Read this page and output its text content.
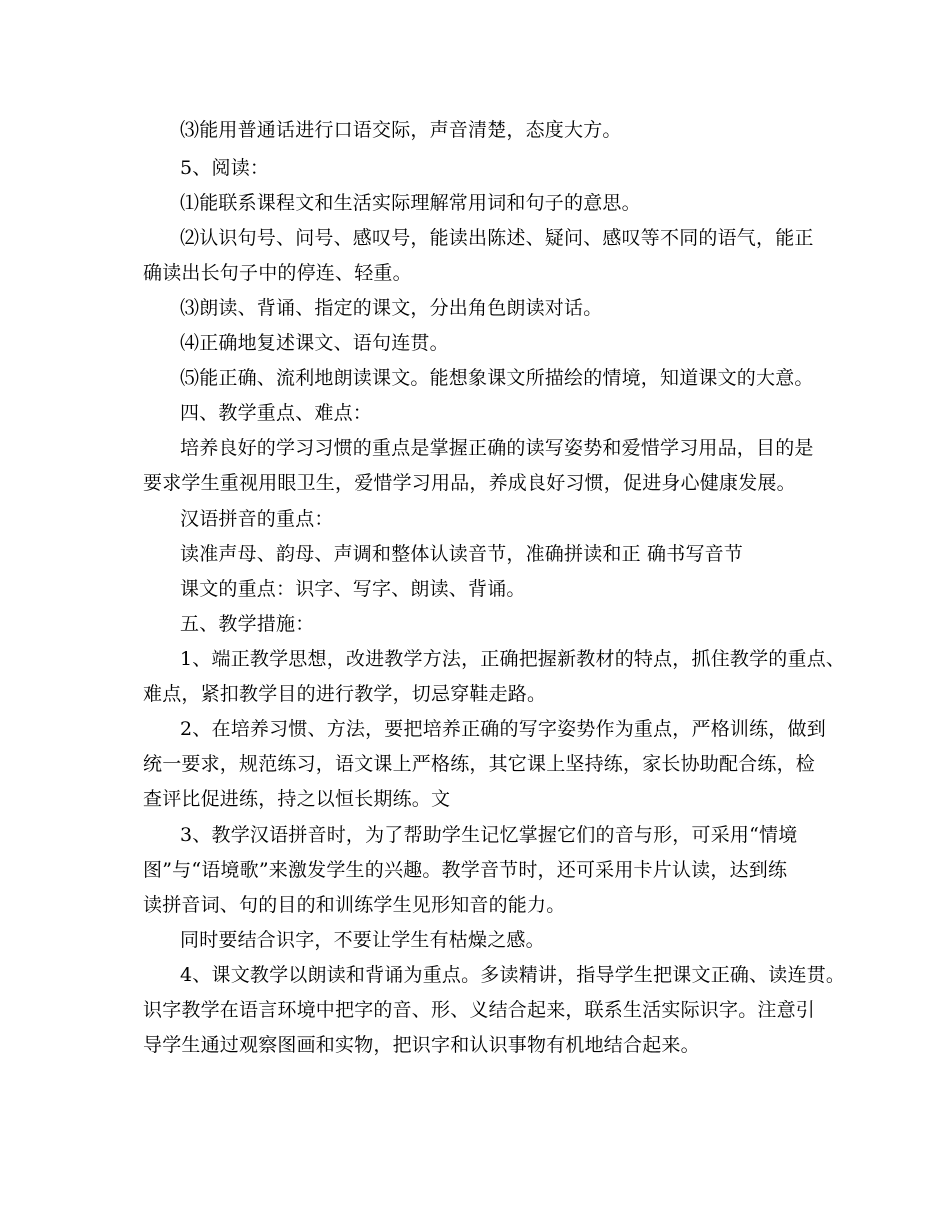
⑶能用普通话进行口语交际，声音清楚，态度大方。
5、阅读：
⑴能联系课程文和生活实际理解常用词和句子的意思。
⑵认识句号、问号、感叹号，能读出陈述、疑问、感叹等不同的语气，能正
确读出长句子中的停连、轻重。
⑶朗读、背诵、指定的课文，分出角色朗读对话。
⑷正确地复述课文、语句连贯。
⑸能正确、流利地朗读课文。能想象课文所描绘的情境，知道课文的大意。
四、教学重点、难点：
培养良好的学习习惯的重点是掌握正确的读写姿势和爱惜学习用品，目的是
要求学生重视用眼卫生，爱惜学习用品，养成良好习惯，促进身心健康发展。
汉语拼音的重点：
读准声母、韵母、声调和整体认读音节，准确拼读和正 确书写音节
课文的重点：识字、写字、朗读、背诵。
五、教学措施：
1、端正教学思想，改进教学方法，正确把握新教材的特点，抓住教学的重点、
难点，紧扣教学目的进行教学，切忌穿鞋走路。
2、在培养习惯、方法，要把培养正确的写字姿势作为重点，严格训练，做到
统一要求，规范练习，语文课上严格练，其它课上坚持练，家长协助配合练，检
查评比促进练，持之以恒长期练。文
3、教学汉语拼音时，为了帮助学生记忆掌握它们的音与形，可采用“情境
图”与“语境歌”来激发学生的兴趣。教学音节时，还可采用卡片认读，达到练
读拼音词、句的目的和训练学生见形知音的能力。
同时要结合识字，不要让学生有枯燥之感。
4、课文教学以朗读和背诵为重点。多读精讲，指导学生把课文正确、读连贯。
识字教学在语言环境中把字的音、形、义结合起来，联系生活实际识字。注意引
导学生通过观察图画和实物，把识字和认识事物有机地结合起来。
